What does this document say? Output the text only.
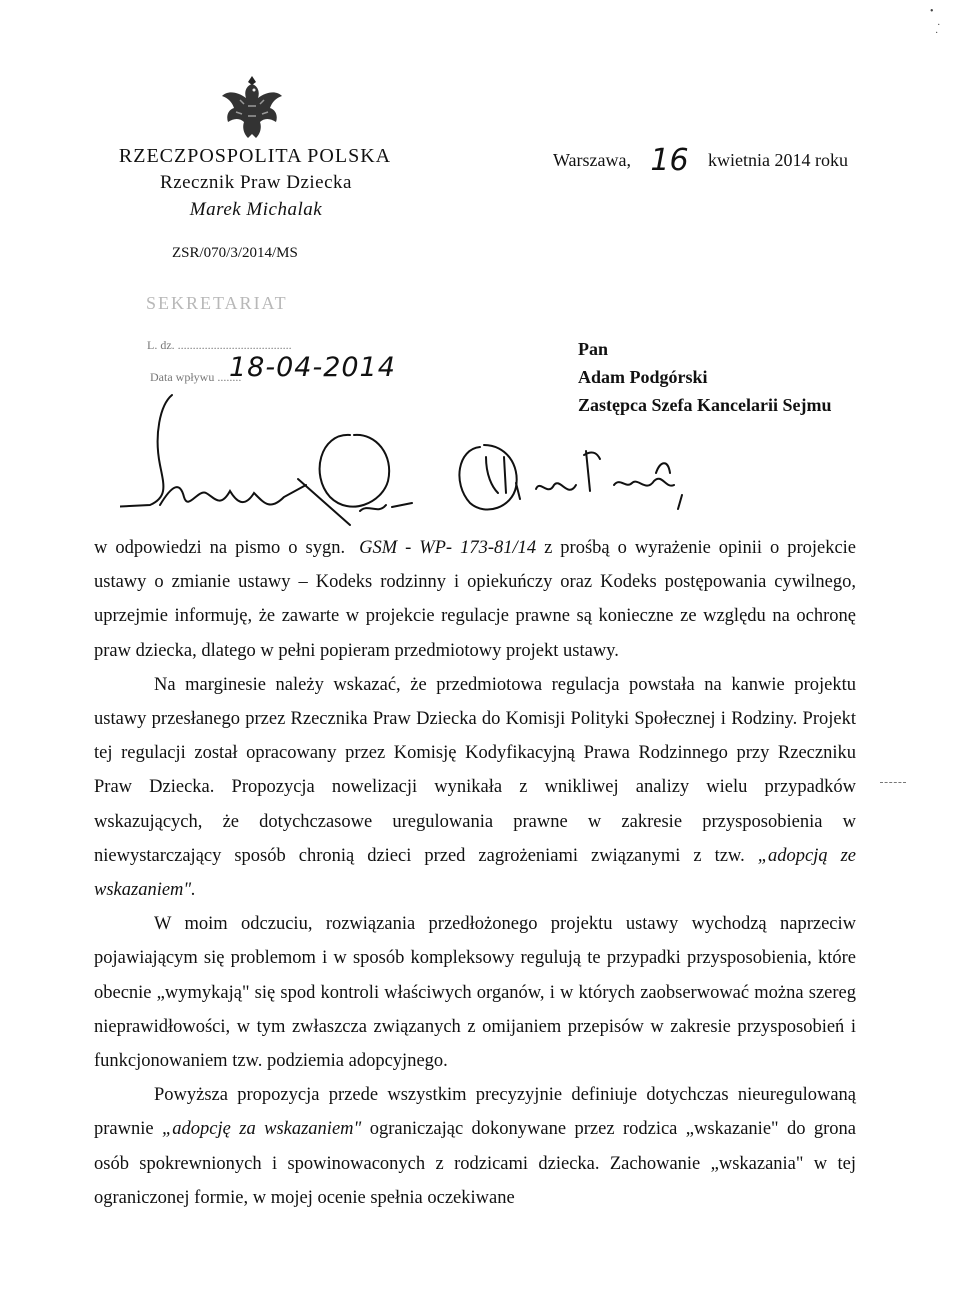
•
.
·
RZECZPOSPOLITA POLSKA
Rzecznik Praw Dziecka
Marek Michalak
Warszawa, 16 kwietnia 2014 roku
ZSR/070/3/2014/MS
SEKRETARIAT
L. dz. ......................................
Data wpływu ........
18-04-2014
Pan
Adam Podgórski
Zastępca Szefa Kancelarii Sejmu

w odpowiedzi na pismo o sygn. GSM - WP- 173-81/14 z prośbą o wyrażenie opinii o projekcie ustawy o zmianie ustawy – Kodeks rodzinny i opiekuńczy oraz Kodeks postępowania cywilnego, uprzejmie informuję, że zawarte w projekcie regulacje prawne są konieczne ze względu na ochronę praw dziecka, dlatego w pełni popieram przedmiotowy projekt ustawy.

Na marginesie należy wskazać, że przedmiotowa regulacja powstała na kanwie projektu ustawy przesłanego przez Rzecznika Praw Dziecka do Komisji Polityki Społecznej i Rodziny. Projekt tej regulacji został opracowany przez Komisję Kodyfikacyjną Prawa Rodzinnego przy Rzeczniku Praw Dziecka. Propozycja nowelizacji wynikała z wnikliwej analizy wielu przypadków wskazujących, że dotychczasowe uregulowania prawne w zakresie przysposobienia w niewystarczający sposób chronią dzieci przed zagrożeniami związanymi z tzw. „adopcją ze wskazaniem".

W moim odczuciu, rozwiązania przedłożonego projektu ustawy wychodzą naprzeciw pojawiającym się problemom i w sposób kompleksowy regulują te przypadki przysposobienia, które obecnie „wymykają" się spod kontroli właściwych organów, i w których zaobserwować można szereg nieprawidłowości, w tym zwłaszcza związanych z omijaniem przepisów w zakresie przysposobień i funkcjonowaniem tzw. podziemia adopcyjnego.

Powyższa propozycja przede wszystkim precyzyjnie definiuje dotychczas nieuregulowaną prawnie „adopcję za wskazaniem" ograniczając dokonywane przez rodzica „wskazanie" do grona osób spokrewnionych i spowinowaconych z rodzicami dziecka. Zachowanie „wskazania" w tej ograniczonej formie, w mojej ocenie spełnia oczekiwane
